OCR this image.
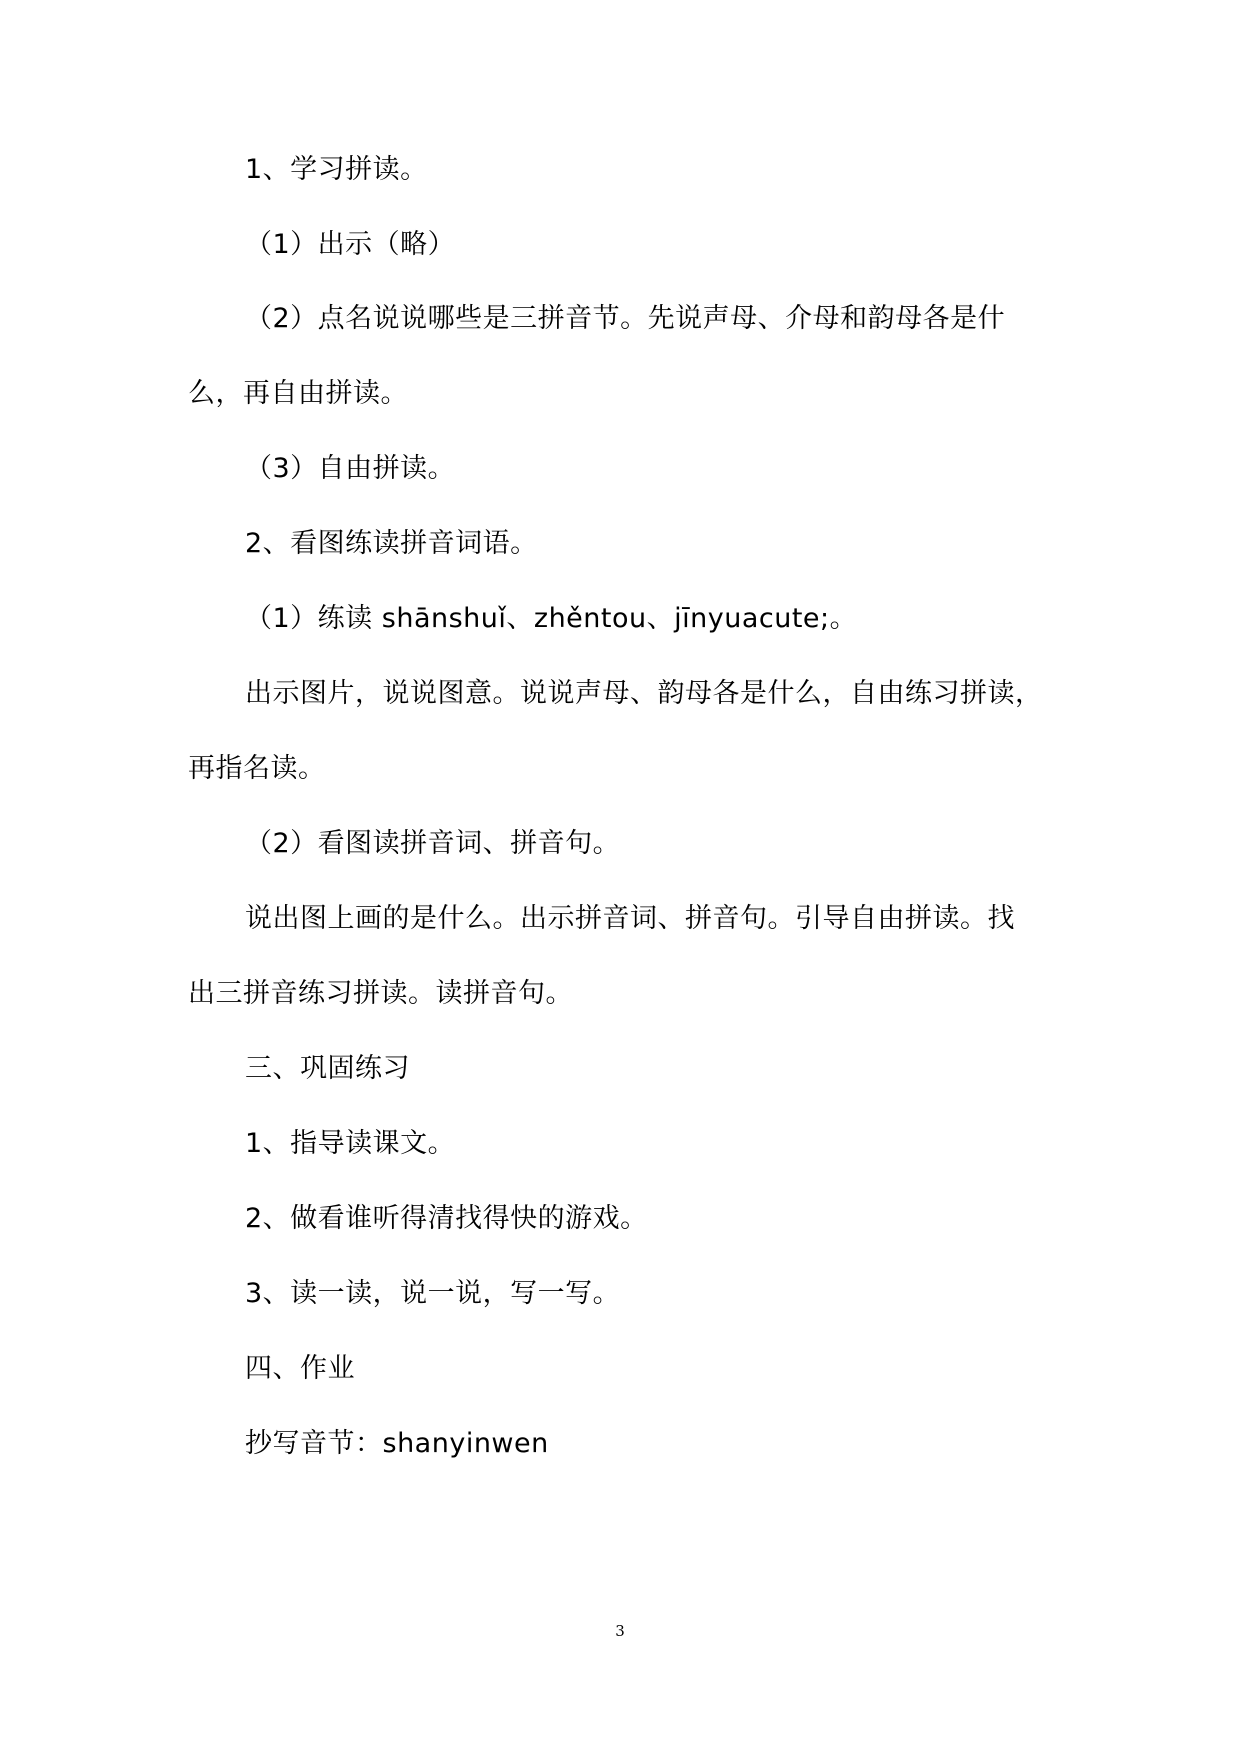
1、学习拼读。
（1）出示（略）
（2）点名说说哪些是三拼音节。先说声母、介母和韵母各是什
么，再自由拼读。
（3）自由拼读。
2、看图练读拼音词语。
（1）练读 shānshuǐ、zhěntou、jīnyuacute;。
出示图片，说说图意。说说声母、韵母各是什么，自由练习拼读，
再指名读。
（2）看图读拼音词、拼音句。
说出图上画的是什么。出示拼音词、拼音句。引导自由拼读。找
出三拼音练习拼读。读拼音句。
三、巩固练习
1、指导读课文。
2、做看谁听得清找得快的游戏。
3、读一读，说一说，写一写。
四、作业
抄写音节：shanyinwen
3
